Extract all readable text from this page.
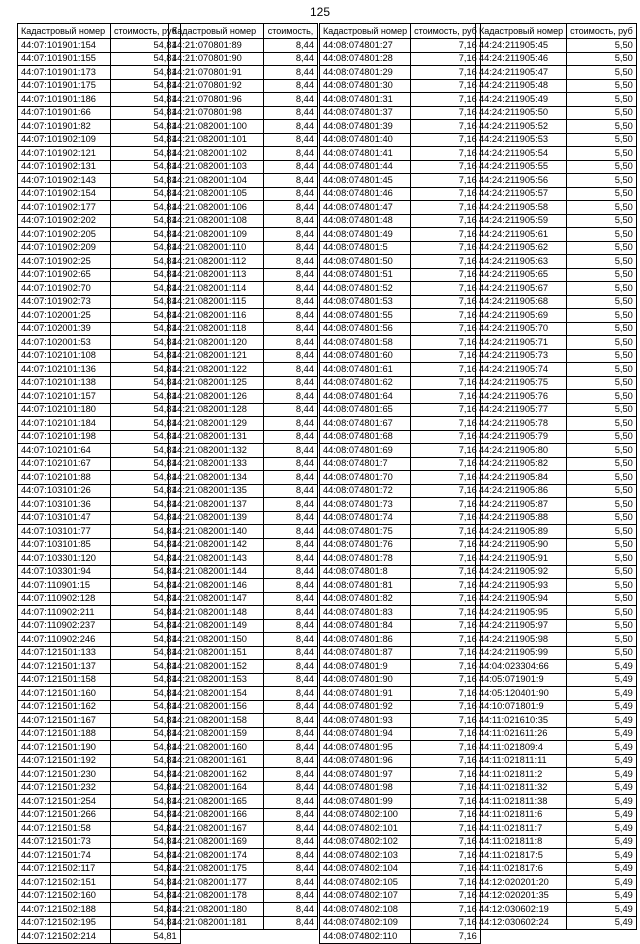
125
Кадастровый номер	стоимость, руб
44:07:101901:154	54,81
44:07:101901:155	54,81
44:07:101901:173	54,81
44:07:101901:175	54,81
44:07:101901:186	54,81
44:07:101901:66	54,81
44:07:101901:82	54,81
44:07:101902:109	54,81
44:07:101902:121	54,81
44:07:101902:131	54,81
44:07:101902:143	54,81
44:07:101902:154	54,81
44:07:101902:177	54,81
44:07:101902:202	54,81
44:07:101902:205	54,81
44:07:101902:209	54,81
44:07:101902:25	54,81
44:07:101902:65	54,81
44:07:101902:70	54,81
44:07:101902:73	54,81
44:07:102001:25	54,81
44:07:102001:39	54,81
44:07:102001:53	54,81
44:07:102101:108	54,81
44:07:102101:136	54,81
44:07:102101:138	54,81
44:07:102101:157	54,81
44:07:102101:180	54,81
44:07:102101:184	54,81
44:07:102101:198	54,81
44:07:102101:64	54,81
44:07:102101:67	54,81
44:07:102101:88	54,81
44:07:103101:26	54,81
44:07:103101:36	54,81
44:07:103101:47	54,81
44:07:103101:77	54,81
44:07:103101:85	54,81
44:07:103301:120	54,81
44:07:103301:94	54,81
44:07:110901:15	54,81
44:07:110902:128	54,81
44:07:110902:211	54,81
44:07:110902:237	54,81
44:07:110902:246	54,81
44:07:121501:133	54,81
44:07:121501:137	54,81
44:07:121501:158	54,81
44:07:121501:160	54,81
44:07:121501:162	54,81
44:07:121501:167	54,81
44:07:121501:188	54,81
44:07:121501:190	54,81
44:07:121501:192	54,81
44:07:121501:230	54,81
44:07:121501:232	54,81
44:07:121501:254	54,81
44:07:121501:266	54,81
44:07:121501:58	54,81
44:07:121501:73	54,81
44:07:121501:74	54,81
44:07:121502:117	54,81
44:07:121502:151	54,81
44:07:121502:160	54,81
44:07:121502:188	54,81
44:07:121502:195	54,81
44:07:121502:214	54,81
Кадастровый номер	стоимость,
44:21:070801:89	8,44
44:21:070801:90	8,44
44:21:070801:91	8,44
44:21:070801:92	8,44
44:21:070801:96	8,44
44:21:070801:98	8,44
44:21:082001:100	8,44
44:21:082001:101	8,44
44:21:082001:102	8,44
44:21:082001:103	8,44
44:21:082001:104	8,44
44:21:082001:105	8,44
44:21:082001:106	8,44
44:21:082001:108	8,44
44:21:082001:109	8,44
44:21:082001:110	8,44
44:21:082001:112	8,44
44:21:082001:113	8,44
44:21:082001:114	8,44
44:21:082001:115	8,44
44:21:082001:116	8,44
44:21:082001:118	8,44
44:21:082001:120	8,44
44:21:082001:121	8,44
44:21:082001:122	8,44
44:21:082001:125	8,44
44:21:082001:126	8,44
44:21:082001:128	8,44
44:21:082001:129	8,44
44:21:082001:131	8,44
44:21:082001:132	8,44
44:21:082001:133	8,44
44:21:082001:134	8,44
44:21:082001:135	8,44
44:21:082001:137	8,44
44:21:082001:139	8,44
44:21:082001:140	8,44
44:21:082001:142	8,44
44:21:082001:143	8,44
44:21:082001:144	8,44
44:21:082001:146	8,44
44:21:082001:147	8,44
44:21:082001:148	8,44
44:21:082001:149	8,44
44:21:082001:150	8,44
44:21:082001:151	8,44
44:21:082001:152	8,44
44:21:082001:153	8,44
44:21:082001:154	8,44
44:21:082001:156	8,44
44:21:082001:158	8,44
44:21:082001:159	8,44
44:21:082001:160	8,44
44:21:082001:161	8,44
44:21:082001:162	8,44
44:21:082001:164	8,44
44:21:082001:165	8,44
44:21:082001:166	8,44
44:21:082001:167	8,44
44:21:082001:169	8,44
44:21:082001:174	8,44
44:21:082001:175	8,44
44:21:082001:177	8,44
44:21:082001:178	8,44
44:21:082001:180	8,44
44:21:082001:181	8,44
Кадастровый номер	стоимость, руб
44:08:074801:27	7,16
44:08:074801:28	7,16
44:08:074801:29	7,16
44:08:074801:30	7,16
44:08:074801:31	7,16
44:08:074801:37	7,16
44:08:074801:39	7,16
44:08:074801:40	7,16
44:08:074801:41	7,16
44:08:074801:44	7,16
44:08:074801:45	7,16
44:08:074801:46	7,16
44:08:074801:47	7,16
44:08:074801:48	7,16
44:08:074801:49	7,16
44:08:074801:5	7,16
44:08:074801:50	7,16
44:08:074801:51	7,16
44:08:074801:52	7,16
44:08:074801:53	7,16
44:08:074801:55	7,16
44:08:074801:56	7,16
44:08:074801:58	7,16
44:08:074801:60	7,16
44:08:074801:61	7,16
44:08:074801:62	7,16
44:08:074801:64	7,16
44:08:074801:65	7,16
44:08:074801:67	7,16
44:08:074801:68	7,16
44:08:074801:69	7,16
44:08:074801:7	7,16
44:08:074801:70	7,16
44:08:074801:72	7,16
44:08:074801:73	7,16
44:08:074801:74	7,16
44:08:074801:75	7,16
44:08:074801:76	7,16
44:08:074801:78	7,16
44:08:074801:8	7,16
44:08:074801:81	7,16
44:08:074801:82	7,16
44:08:074801:83	7,16
44:08:074801:84	7,16
44:08:074801:86	7,16
44:08:074801:87	7,16
44:08:074801:9	7,16
44:08:074801:90	7,16
44:08:074801:91	7,16
44:08:074801:92	7,16
44:08:074801:93	7,16
44:08:074801:94	7,16
44:08:074801:95	7,16
44:08:074801:96	7,16
44:08:074801:97	7,16
44:08:074801:98	7,16
44:08:074801:99	7,16
44:08:074802:100	7,16
44:08:074802:101	7,16
44:08:074802:102	7,16
44:08:074802:103	7,16
44:08:074802:104	7,16
44:08:074802:105	7,16
44:08:074802:107	7,16
44:08:074802:108	7,16
44:08:074802:109	7,16
44:08:074802:110	7,16
Кадастровый номер	стоимость, руб
44:24:211905:45	5,50
44:24:211905:46	5,50
44:24:211905:47	5,50
44:24:211905:48	5,50
44:24:211905:49	5,50
44:24:211905:50	5,50
44:24:211905:52	5,50
44:24:211905:53	5,50
44:24:211905:54	5,50
44:24:211905:55	5,50
44:24:211905:56	5,50
44:24:211905:57	5,50
44:24:211905:58	5,50
44:24:211905:59	5,50
44:24:211905:61	5,50
44:24:211905:62	5,50
44:24:211905:63	5,50
44:24:211905:65	5,50
44:24:211905:67	5,50
44:24:211905:68	5,50
44:24:211905:69	5,50
44:24:211905:70	5,50
44:24:211905:71	5,50
44:24:211905:73	5,50
44:24:211905:74	5,50
44:24:211905:75	5,50
44:24:211905:76	5,50
44:24:211905:77	5,50
44:24:211905:78	5,50
44:24:211905:79	5,50
44:24:211905:80	5,50
44:24:211905:82	5,50
44:24:211905:84	5,50
44:24:211905:86	5,50
44:24:211905:87	5,50
44:24:211905:88	5,50
44:24:211905:89	5,50
44:24:211905:90	5,50
44:24:211905:91	5,50
44:24:211905:92	5,50
44:24:211905:93	5,50
44:24:211905:94	5,50
44:24:211905:95	5,50
44:24:211905:97	5,50
44:24:211905:98	5,50
44:24:211905:99	5,50
44:04:023304:66	5,49
44:05:071901:9	5,49
44:05:120401:90	5,49
44:10:071801:9	5,49
44:11:021610:35	5,49
44:11:021611:26	5,49
44:11:021809:4	5,49
44:11:021811:11	5,49
44:11:021811:2	5,49
44:11:021811:32	5,49
44:11:021811:38	5,49
44:11:021811:6	5,49
44:11:021811:7	5,49
44:11:021811:8	5,49
44:11:021817:5	5,49
44:11:021817:6	5,49
44:12:020201:20	5,49
44:12:020201:35	5,49
44:12:030602:19	5,49
44:12:030602:24	5,49
